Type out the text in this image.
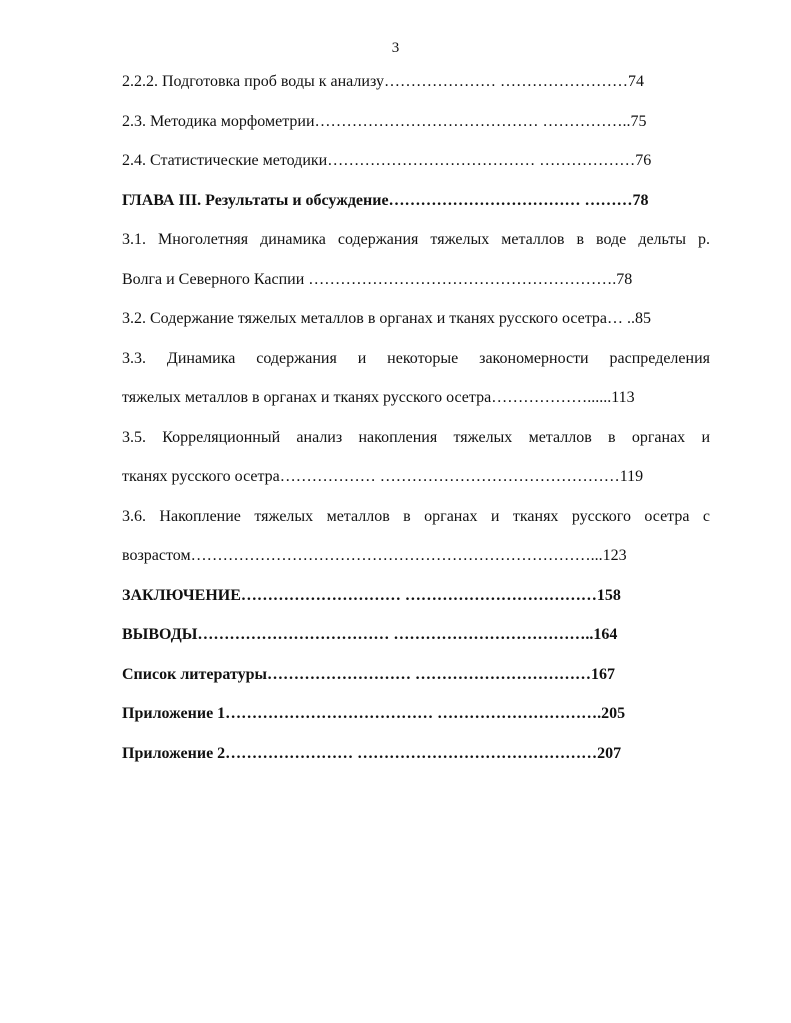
3
2.2.2. Подготовка проб воды к анализу………………… ……………………74
2.3. Методика морфометрии…………………………………… ……………..75
2.4. Статистические методики………………………………… ………………76
ГЛАВА III. Результаты и обсуждение……………………………… ………78
3.1. Многолетняя динамика содержания тяжелых металлов в воде дельты р.
Волга и Северного Каспии ………………………………………………….78
3.2. Содержание тяжелых металлов в органах и тканях русского осетра… ..85
3.3. Динамика содержания и некоторые закономерности распределения
тяжелых металлов в органах и тканях русского осетра………………......113
3.5. Корреляционный анализ накопления тяжелых металлов в органах и
тканях русского осетра……………… ………………………………………119
3.6. Накопление тяжелых металлов в органах и тканях русского осетра с
возрастом…………………………………………………………………...123
ЗАКЛЮЧЕНИЕ………………………… ………………………………158
ВЫВОДЫ……………………………… ………………………………..164
Список литературы……………………… ……………………………167
Приложение 1………………………………… ………………………….205
Приложение 2…………………… ………………………………………207
